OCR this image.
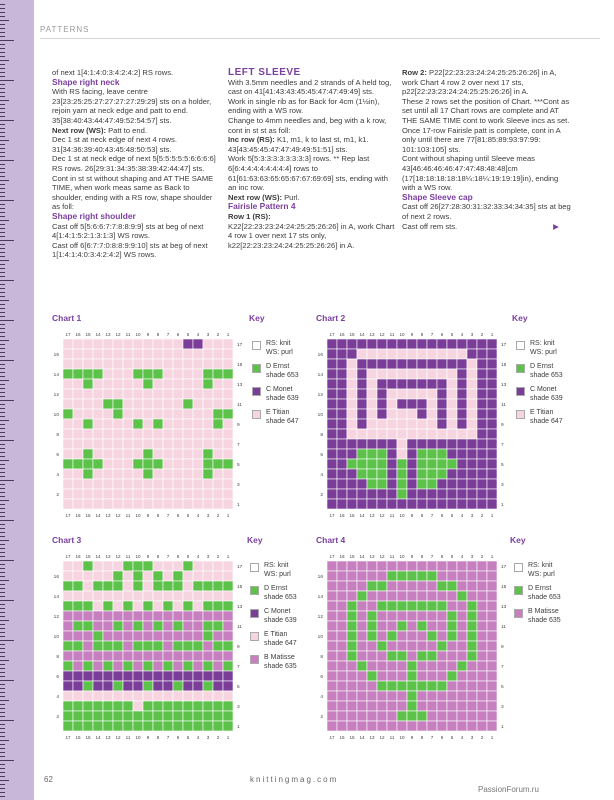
PATTERNS

of next 1[4:1:4:0:3:4:2:4:2] RS rows.

Shape right neck

With RS facing, leave centre 23[23:25:25:27:27:27:27:29:29] sts on a holder, rejoin yarn at neck edge and patt to end. 35[38:40:43:44:47:49:52:54:57] sts.

Next row (WS): Patt to end.

Dec 1 st at neck edge of next 4 rows. 31[34:36:39:40:43:45:48:50:53] sts.

Dec 1 st at neck edge of next 5[5:5:5:5:5:6:6:6:6] RS rows. 26[29:31:34:35:38:39:42:44:47] sts.

Cont in st st without shaping and AT THE SAME TIME, when work meas same as Back to shoulder, ending with a RS row, shape shoulder as foll:

Shape right shoulder

Cast off 5[5:6:6:7:7:8:8:9:9] sts at beg of next 4[1:4:1:5:2:1:3:1:3] WS rows.

Cast off 6[6:7:7:0:8:8:9:9:10] sts at beg of next 1[1:4:1:4:0:3:4:2:4:2] WS rows.

LEFT SLEEVE

With 3.5mm needles and 2 strands of A held tog, cast on 41[41:43:43:45:45:47:47:49:49] sts.

Work in single rib as for Back for 4cm (1½in), ending with a WS row.

Change to 4mm needles and, beg with a k row, cont in st st as foll:

Inc row (RS): K1, m1, k to last st, m1, k1. 43[43:45:45:47:47:49:49:51:51] sts.

Work 5[5:3:3:3:3:3:3:3:3] rows. ** Rep last 6[6:4:4:4:4:4:4:4:4] rows to 61[61:63:63:65:65:67:67:69:69] sts, ending with an inc row.

Next row (WS): Purl.

Fairisle Pattern 4

Row 1 (RS):

K22[22:23:23:24:24:25:25:26:26] in A, work Chart 4 row 1 over next 17 sts only, k22[22:23:23:24:24:25:25:26:26] in A.

Row 2: P22[22:23:23:24:24:25:25:26:26] in A, work Chart 4 row 2 over next 17 sts, p22[22:23:23:24:24:25:25:26:26] in A.

These 2 rows set the position of Chart. ***Cont as set until all 17 Chart rows are complete and AT THE SAME TIME cont to work Sleeve incs as set. Once 17-row Fairisle patt is complete, cont in A only until there are 77[81:85:89:93:97:99: 101:103:105] sts.

Cont without shaping until Sleeve meas 43[46:46:46:46:47:47:48:48:48]cm (17[18:18:18:18:18¼:18¼:19:19:19]in), ending with a WS row.

Shape Sleeve cap

Cast off 26[27:28:30:31:32:33:34:34:35] sts at beg of next 2 rows.

Cast off rem sts.	▶

Chart 1	Key
17
17
16
16
15
15
14
14
13
13
12
12
11
11
10
10
9
9
8
8
7
7
6
6
5
5
4
4
3
3
2
2
1
1
17
16
15
14
13
12
11
10
9
8
7
6
5
4
3
2
1
RS: knit
WS: purl
D Ernst
shade 653
C Monet
shade 639
E Titian
shade 647
Chart 2	Key
17
17
16
16
15
15
14
14
13
13
12
12
11
11
10
10
9
9
8
8
7
7
6
6
5
5
4
4
3
3
2
2
1
1
17
16
15
14
13
12
11
10
9
8
7
6
5
4
3
2
1
RS: knit
WS: purl
D Ernst
shade 653
C Monet
shade 639
E Titian
shade 647
Chart 3	Key
17
17
16
16
15
15
14
14
13
13
12
12
11
11
10
10
9
9
8
8
7
7
6
6
5
5
4
4
3
3
2
2
1
1
17
16
15
14
13
12
11
10
9
8
7
6
5
4
3
2
1
RS: knit
WS: purl
D Ernst
shade 653
C Monet
shade 639
E Titian
shade 647
B Matisse
shade 635
Chart 4	Key
17
17
16
16
15
15
14
14
13
13
12
12
11
11
10
10
9
9
8
8
7
7
6
6
5
5
4
4
3
3
2
2
1
1
17
16
15
14
13
12
11
10
9
8
7
6
5
4
3
2
1
RS: knit
WS: purl
D Ernst
shade 653
B Matisse
shade 635
62	knittingmag.com
PassionForum.ru
